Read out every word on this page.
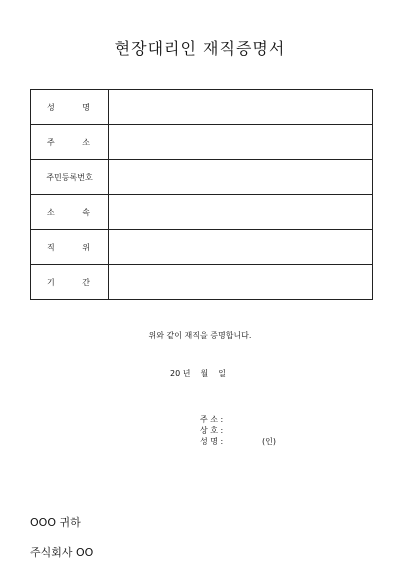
현장대리인 재직증명서
성 명	

주 소	

주민등록번호	

소 속	

직 위	

기 간	

위와 같이 재직을 증명합니다.
20 년 월 일
주 소 :
상 호 :
성 명 :	(인)
OOO 귀하
주식회사 OO
